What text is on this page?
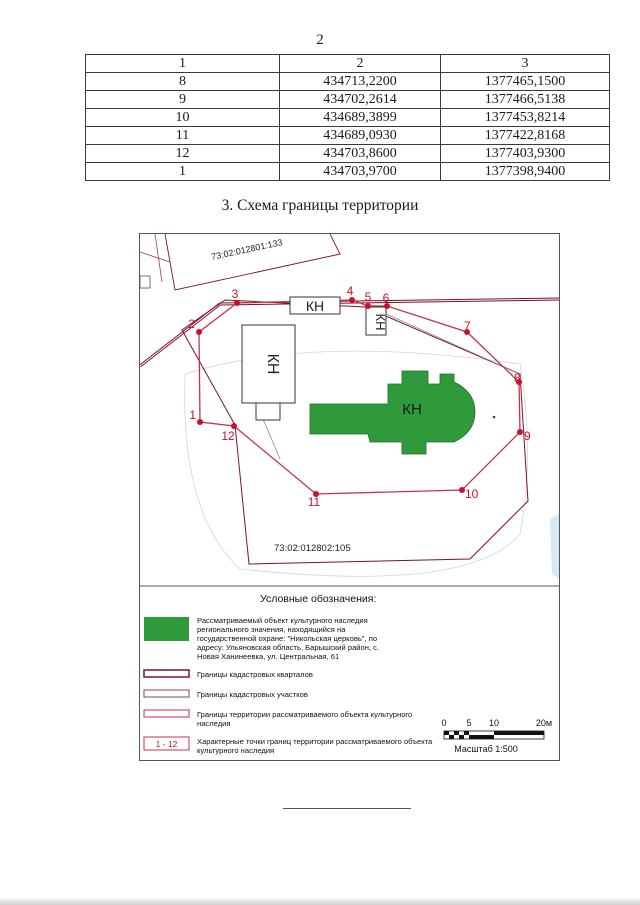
2
1	2	3
8	434713,2200	1377465,1500
9	434702,2614	1377466,5138
10	434689,3899	1377453,8214
11	434689,0930	1377422,8168
12	434703,8600	1377403,9300
1	434703,9700	1377398,9400
3. Схема границы территории
КН
КН
КН
КН
1
2
3	4 5 6
7
8
9
10
11
12
73:02:012801:133
73:02:012802:105
Условные обозначения:
Рассматриваемый объект культурного наследия регионального значения, находящийся на государственной охране: "Никольская церковь", по адресу: Ульяновская область, Барышский район, с. Новая Ханинеевка, ул. Центральная, 61
Границы кадастровых кварталов
Границы кадастровых участков
Границы территории рассматриваемого объекта культурного наследия
1 - 12	Характерные точки границ территории рассматриваемого объекта культурного наследия
0 5 10	20м
Масштаб 1:500
